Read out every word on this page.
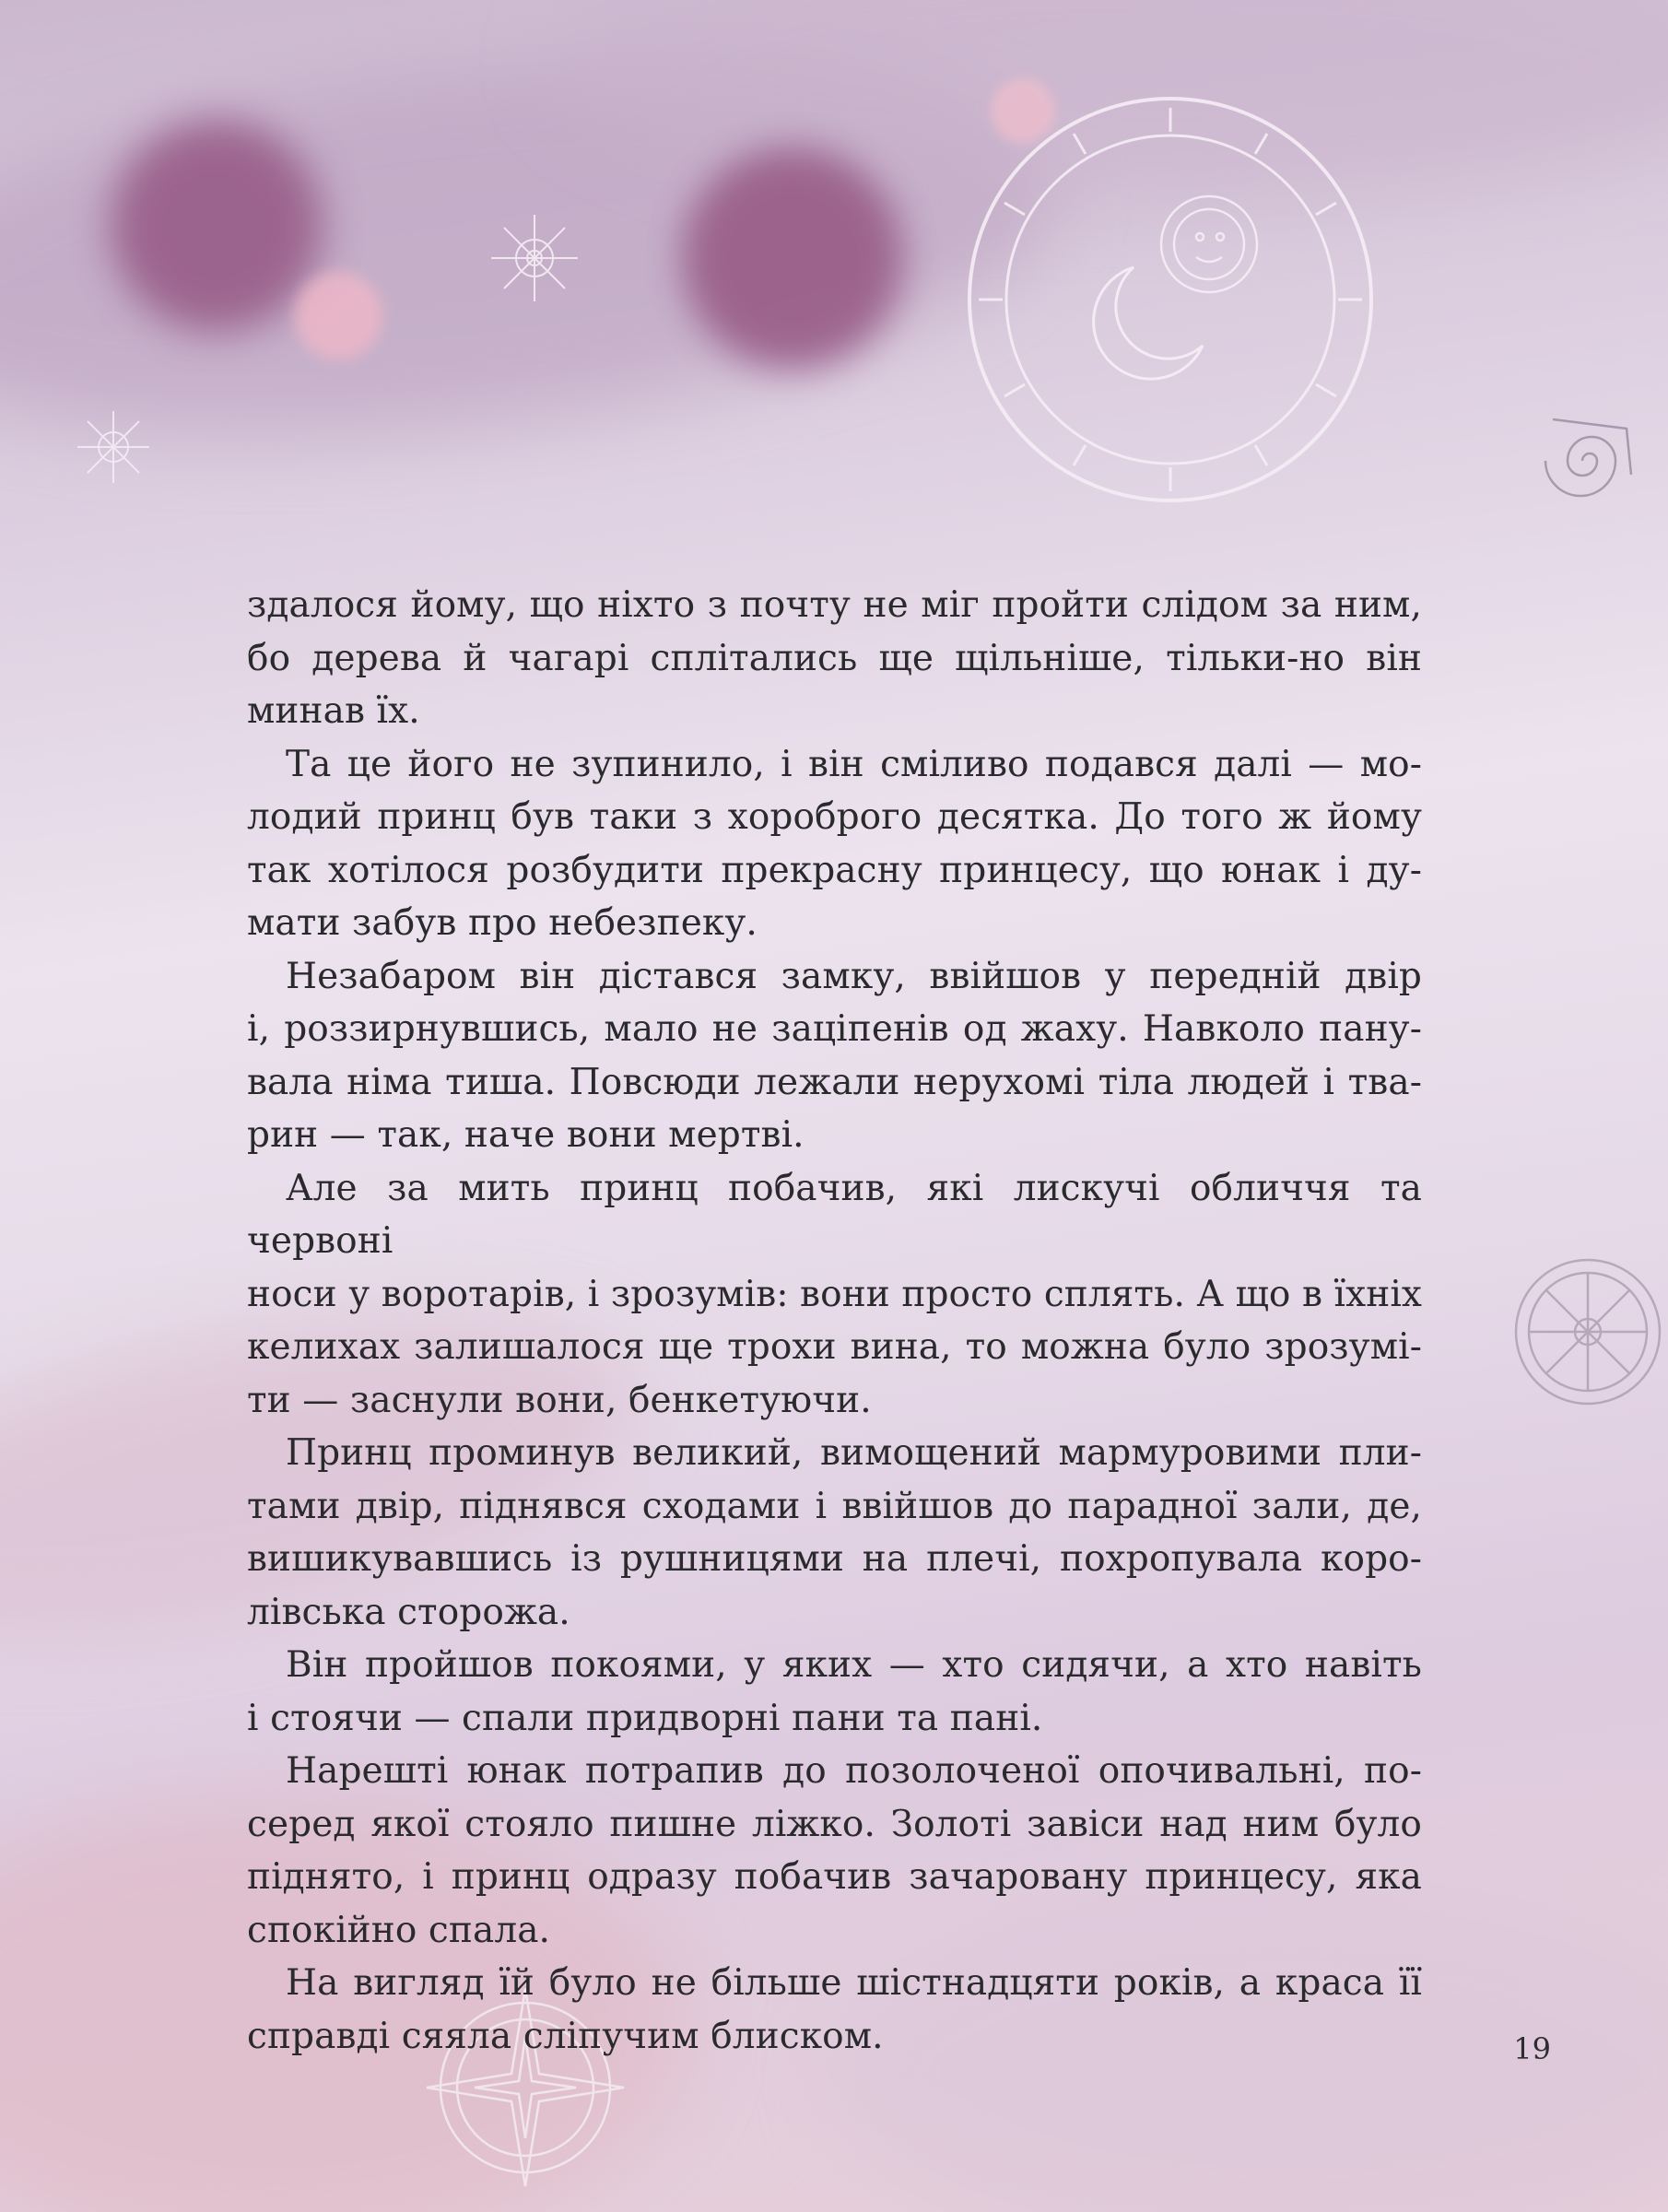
здалося йому, що ніхто з почту не міг пройти слідом за ним,
бо дерева й чагарі сплітались ще щільніше, тільки-но він
минав їх.
Та це його не зупинило, і він сміливо подався далі — мо-
лодий принц був таки з хороброго десятка. До того ж йому
так хотілося розбудити прекрасну принцесу, що юнак і ду-
мати забув про небезпеку.
Незабаром він дістався замку, ввійшов у передній двір
і, роззирнувшись, мало не заціпенів од жаху. Навколо пану-
вала німа тиша. Повсюди лежали нерухомі тіла людей і тва-
рин — так, наче вони мертві.
Але за мить принц побачив, які лискучі обличчя та червоні
носи у воротарів, і зрозумів: вони просто сплять. А що в їхніх
келихах залишалося ще трохи вина, то можна було зрозумі-
ти — заснули вони, бенкетуючи.
Принц проминув великий, вимощений мармуровими пли-
тами двір, піднявся сходами і ввійшов до парадної зали, де,
вишикувавшись із рушницями на плечі, похропувала коро-
лівська сторожа.
Він пройшов покоями, у яких — хто сидячи, а хто навіть
і стоячи — спали придворні пани та пані.
Нарешті юнак потрапив до позолоченої опочивальні, по-
серед якої стояло пишне ліжко. Золоті завіси над ним було
піднято, і принц одразу побачив зачаровану принцесу, яка
спокійно спала.
На вигляд їй було не більше шістнадцяти років, а краса її
справді сяяла сліпучим блиском.	19
